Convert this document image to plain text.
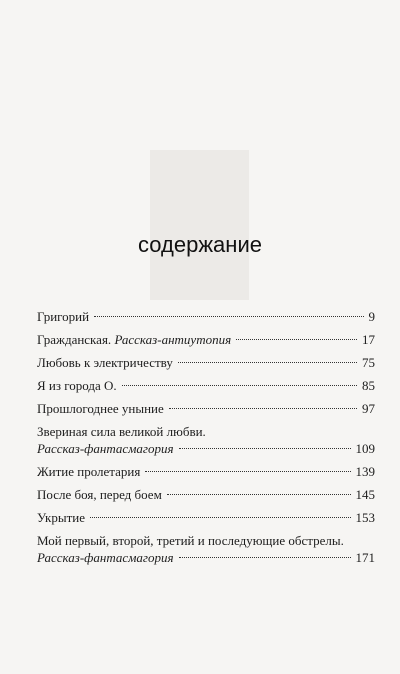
содержание
Григорий	9
Гражданская.
Рассказ-антиутопия	17
Любовь к электричеству	75
Я из города О.	85
Прошлогоднее уныние	97
Звериная сила великой любви.
Рассказ-фантасмагория	109
Житие пролетария	139
После боя, перед боем	145
Укрытие	153
Мой первый, второй, третий и последующие обстрелы.
Рассказ-фантасмагория	171
